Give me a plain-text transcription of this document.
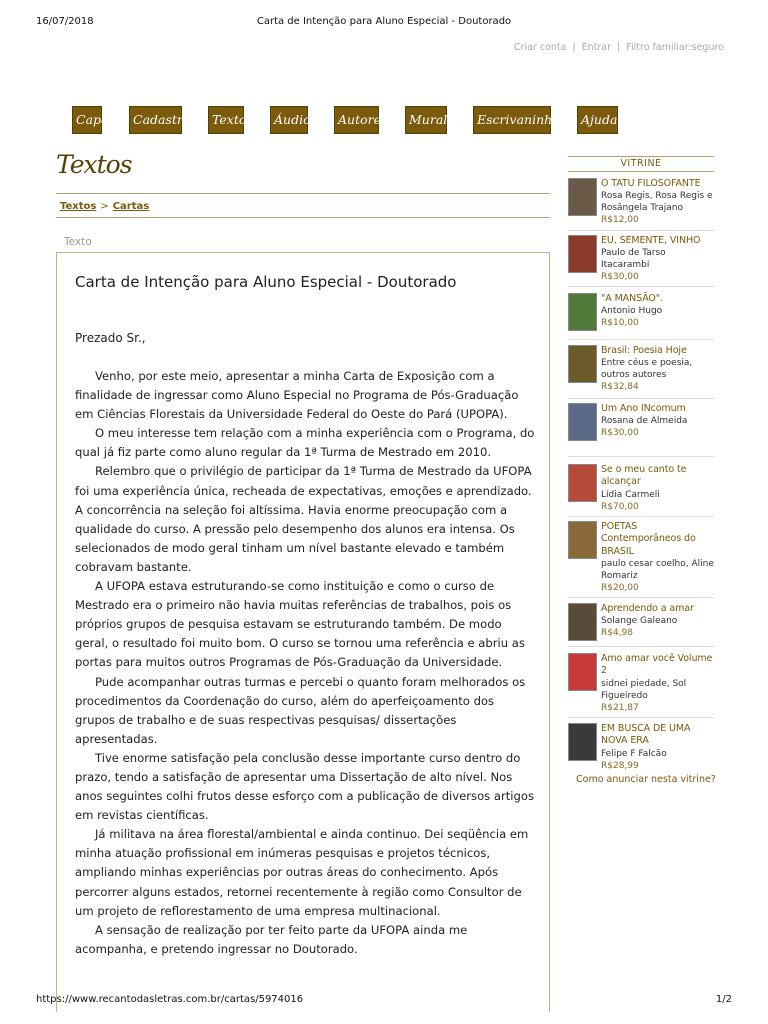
16/07/2018	Carta de Intenção para Aluno Especial - Doutorado
Criar conta | Entrar | Filtro familiar:seguro
Capa	Cadastro	Textos	Áudio	Autores	Mural	Escrivaninha	Ajuda
Textos
Textos > Cartas
Texto
Carta de Intenção para Aluno Especial - Doutorado
Prezado Sr.,

Venho, por este meio, apresentar a minha Carta de Exposição com a finalidade de ingressar como Aluno Especial no Programa de Pós-Graduação em Ciências Florestais da Universidade Federal do Oeste do Pará (UPOPA).

O meu interesse tem relação com a minha experiência com o Programa, do qual já fiz parte como aluno regular da 1ª Turma de Mestrado em 2010.

Relembro que o privilégio de participar da 1ª Turma de Mestrado da UFOPA foi uma experiência única, recheada de expectativas, emoções e aprendizado. A concorrência na seleção foi altíssima. Havia enorme preocupação com a qualidade do curso. A pressão pelo desempenho dos alunos era intensa. Os selecionados de modo geral tinham um nível bastante elevado e também cobravam bastante.

A UFOPA estava estruturando-se como instituição e como o curso de Mestrado era o primeiro não havia muitas referências de trabalhos, pois os próprios grupos de pesquisa estavam se estruturando também. De modo geral, o resultado foi muito bom. O curso se tornou uma referência e abriu as portas para muitos outros Programas de Pós-Graduação da Universidade.

Pude acompanhar outras turmas e percebi o quanto foram melhorados os procedimentos da Coordenação do curso, além do aperfeiçoamento dos grupos de trabalho e de suas respectivas pesquisas/ dissertações apresentadas.

Tive enorme satisfação pela conclusão desse importante curso dentro do prazo, tendo a satisfação de apresentar uma Dissertação de alto nível. Nos anos seguintes colhi frutos desse esforço com a publicação de diversos artigos em revistas científicas.

Já militava na área florestal/ambiental e ainda continuo. Dei seqüência em minha atuação profissional em inúmeras pesquisas e projetos técnicos, ampliando minhas experiências por outras áreas do conhecimento. Após percorrer alguns estados, retornei recentemente à região como Consultor de um projeto de reflorestamento de uma empresa multinacional.

A sensação de realização por ter feito parte da UFOPA ainda me acompanha, e pretendo ingressar no Doutorado.

VITRINE
O TATU FILOSOFANTE
Rosa Regis, Rosa Regis e Rosângela Trajano
R$12,00
EU, SEMENTE, VINHO
Paulo de Tarso Itacarambi
R$30,00
"A MANSÃO".
Antonio Hugo
R$10,00
Brasil: Poesia Hoje
Entre céus e poesia, outros autores
R$32,84
Um Ano INcomum
Rosana de Almeida
R$30,00
Se o meu canto te alcançar
Lídia Carmeli
R$70,00
POETAS Contemporâneos do BRASIL
paulo cesar coelho, Aline Romariz
R$20,00
Aprendendo a amar
Solange Galeano
R$4,98
Amo amar você Volume 2
sidnei piedade, Sol Figueiredo
R$21,87
EM BUSCA DE UMA NOVA ERA
Felipe F Falcão
R$28,99
Como anunciar nesta vitrine?
https://www.recantodasletras.com.br/cartas/5974016	1/2
